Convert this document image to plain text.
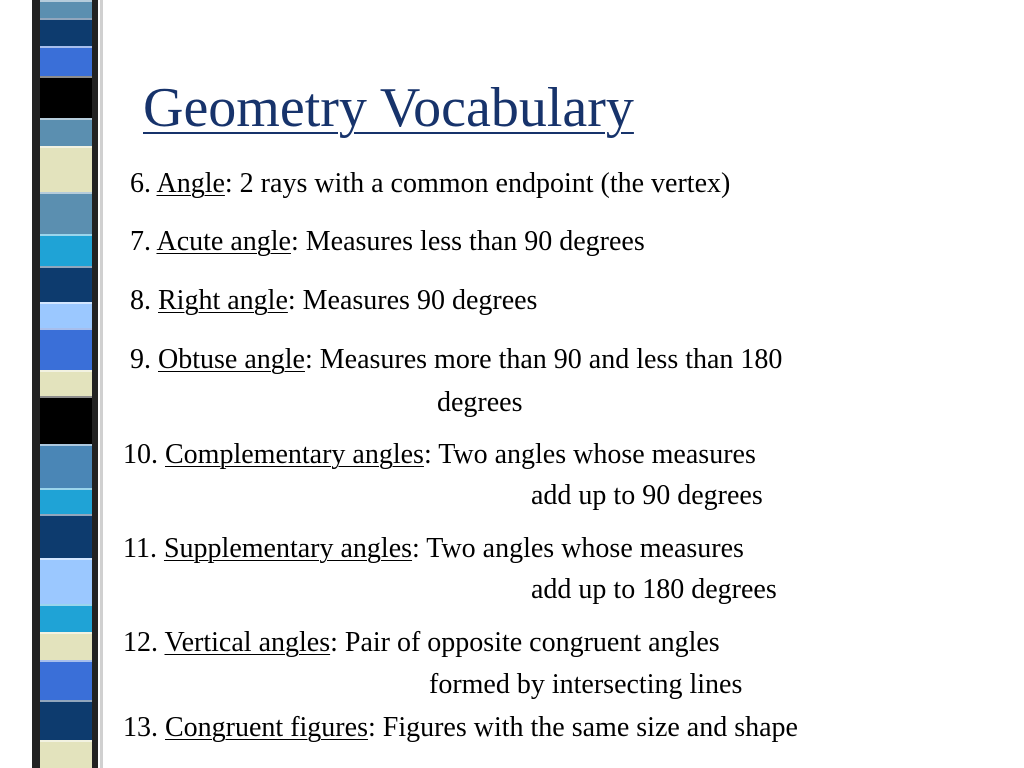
Geometry Vocabulary
6. Angle: 2 rays with a common endpoint (the vertex)
7. Acute angle: Measures less than 90 degrees
8. Right angle: Measures 90 degrees
9. Obtuse angle: Measures more than 90 and less than 180
degrees
10. Complementary angles: Two angles whose measures
add up to 90 degrees
11. Supplementary angles: Two angles whose measures
add up to 180 degrees
12. Vertical angles: Pair of opposite congruent angles
formed by intersecting lines
13. Congruent figures: Figures with the same size and shape
